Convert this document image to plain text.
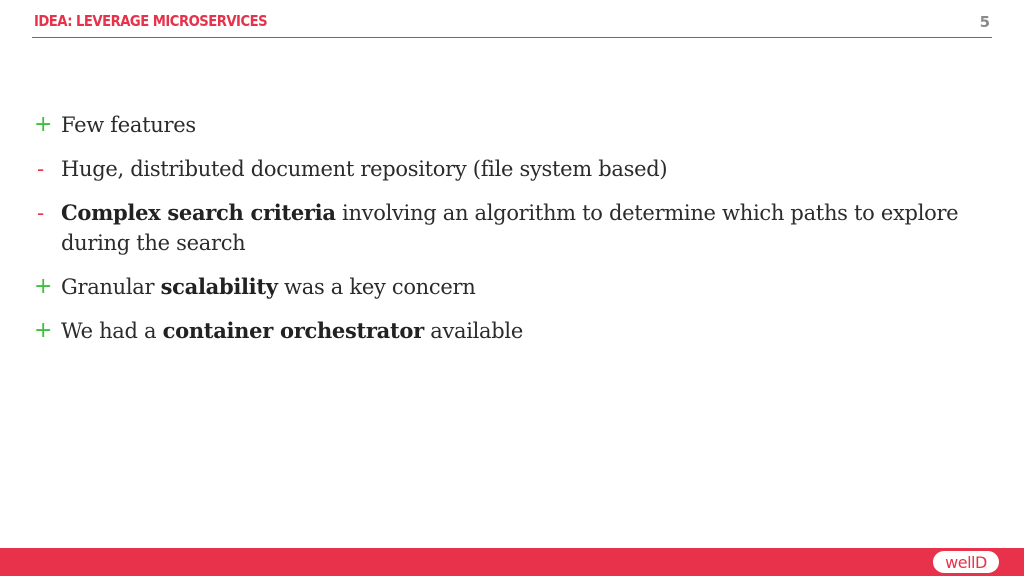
IDEA: LEVERAGE MICROSERVICES	5
+ Few features
- Huge, distributed document repository (file system based)
- Complex search criteria involving an algorithm to determine which paths to explore during the search
+ Granular scalability was a key concern
+ We had a container orchestrator available
wellD
